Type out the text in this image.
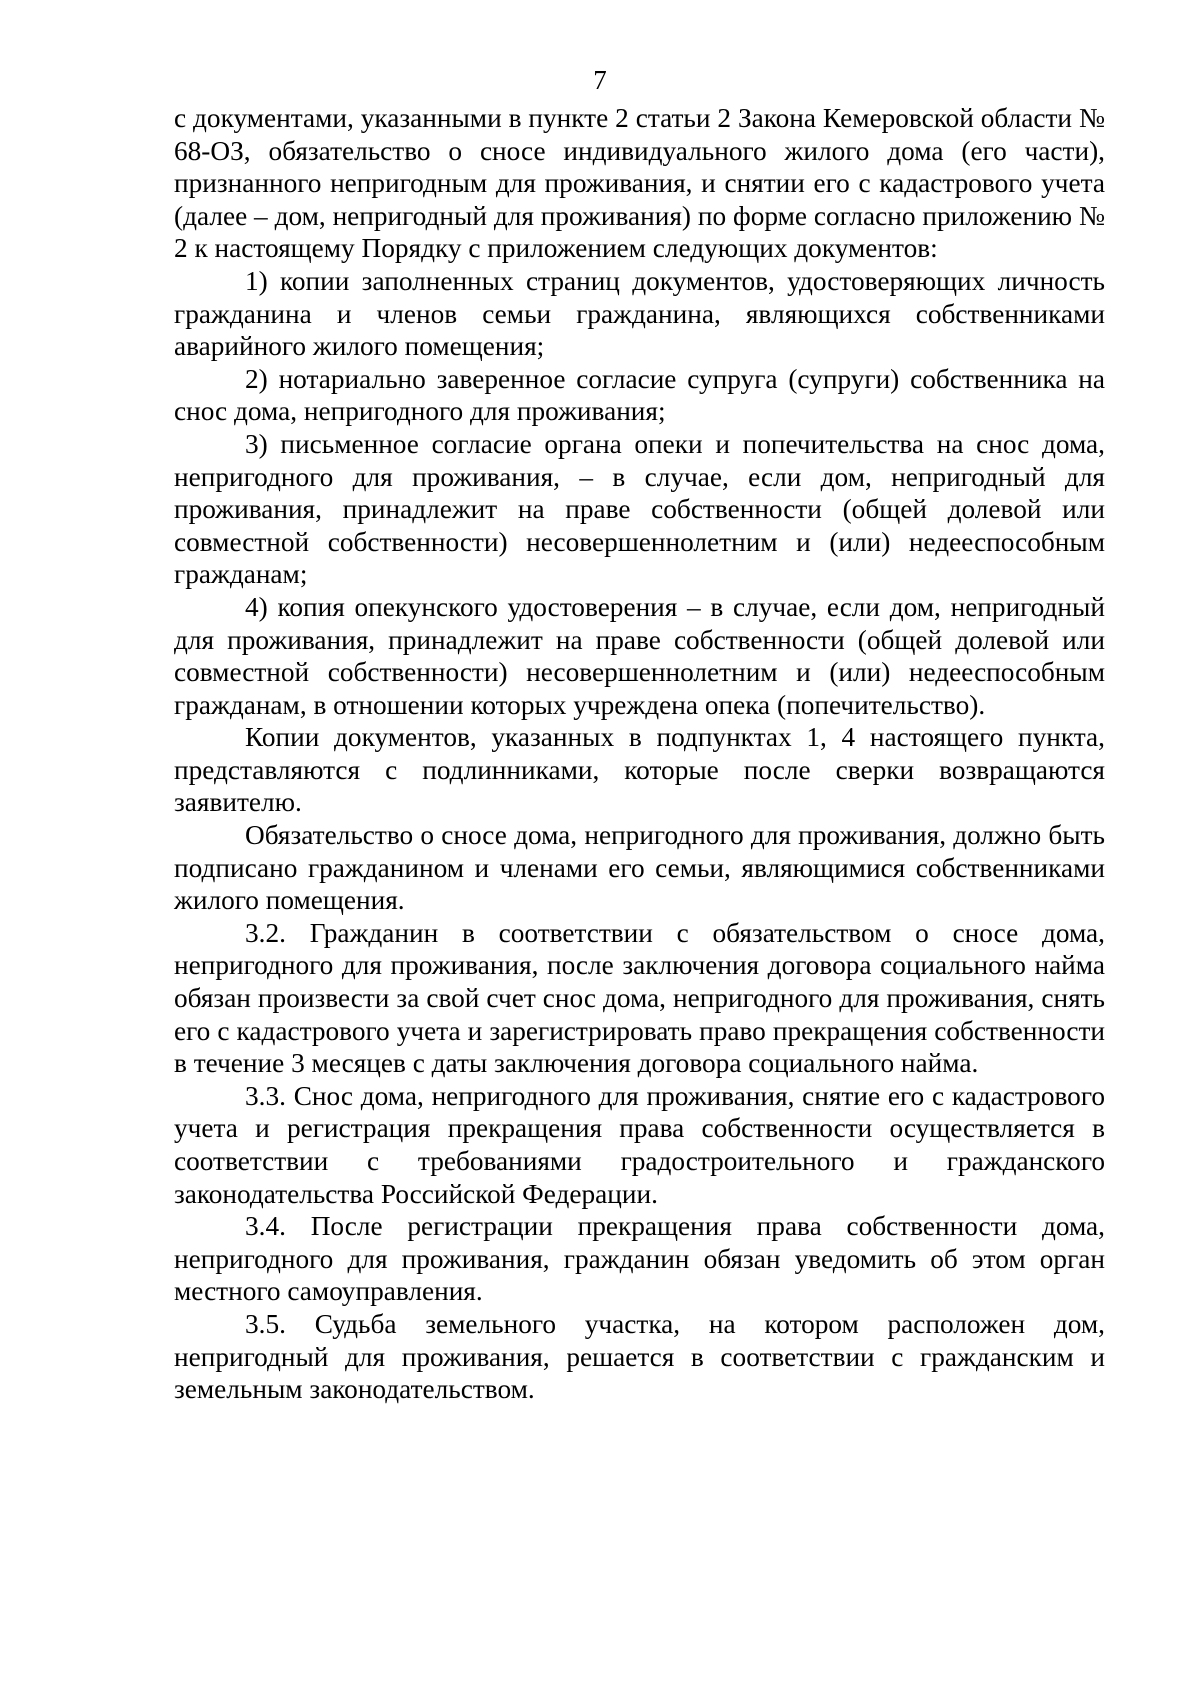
7

с документами, указанными в пункте 2 статьи 2 Закона Кемеровской области № 68-ОЗ, обязательство о сносе индивидуального жилого дома (его части), признанного непригодным для проживания, и снятии его с кадастрового учета (далее – дом, непригодный для проживания) по форме согласно приложению № 2 к настоящему Порядку с приложением следующих документов:

1) копии заполненных страниц документов, удостоверяющих личность гражданина и членов семьи гражданина, являющихся собственниками аварийного жилого помещения;

2) нотариально заверенное согласие супруга (супруги) собственника на снос дома, непригодного для проживания;

3) письменное согласие органа опеки и попечительства на снос дома, непригодного для проживания, – в случае, если дом, непригодный для проживания, принадлежит на праве собственности (общей долевой или совместной собственности) несовершеннолетним и (или) недееспособным гражданам;

4) копия опекунского удостоверения – в случае, если дом, непригодный для проживания, принадлежит на праве собственности (общей долевой или совместной собственности) несовершеннолетним и (или) недееспособным гражданам, в отношении которых учреждена опека (попечительство).

Копии документов, указанных в подпунктах 1, 4 настоящего пункта, представляются с подлинниками, которые после сверки возвращаются заявителю.

Обязательство о сносе дома, непригодного для проживания, должно быть подписано гражданином и членами его семьи, являющимися собственниками жилого помещения.

3.2. Гражданин в соответствии с обязательством о сносе дома, непригодного для проживания, после заключения договора социального найма обязан произвести за свой счет снос дома, непригодного для проживания, снять его с кадастрового учета и зарегистрировать право прекращения собственности в течение 3 месяцев с даты заключения договора социального найма.

3.3. Снос дома, непригодного для проживания, снятие его с кадастрового учета и регистрация прекращения права собственности осуществляется в соответствии с требованиями градостроительного и гражданского законодательства Российской Федерации.

3.4. После регистрации прекращения права собственности дома, непригодного для проживания, гражданин обязан уведомить об этом орган местного самоуправления.

3.5. Судьба земельного участка, на котором расположен дом, непригодный для проживания, решается в соответствии с гражданским и земельным законодательством.
